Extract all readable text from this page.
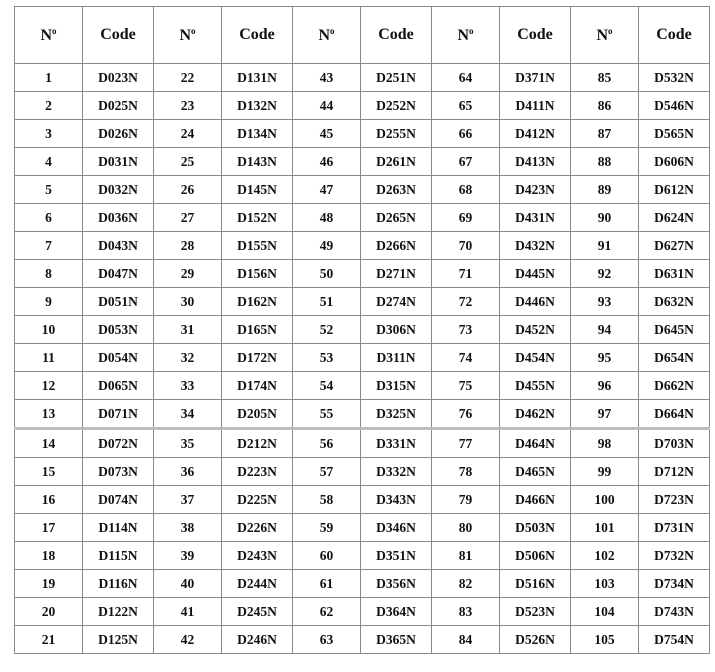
$N^o$	Code	$N^o$	Code	$N^o$	Code	$N^o$	Code	$N^o$	Code
1	D023N	22	D131N	43	D251N	64	D371N	85	D532N
2	D025N	23	D132N	44	D252N	65	D411N	86	D546N
3	D026N	24	D134N	45	D255N	66	D412N	87	D565N
4	D031N	25	D143N	46	D261N	67	D413N	88	D606N
5	D032N	26	D145N	47	D263N	68	D423N	89	D612N
6	D036N	27	D152N	48	D265N	69	D431N	90	D624N
7	D043N	28	D155N	49	D266N	70	D432N	91	D627N
8	D047N	29	D156N	50	D271N	71	D445N	92	D631N
9	D051N	30	D162N	51	D274N	72	D446N	93	D632N
10	D053N	31	D165N	52	D306N	73	D452N	94	D645N
11	D054N	32	D172N	53	D311N	74	D454N	95	D654N
12	D065N	33	D174N	54	D315N	75	D455N	96	D662N
13	D071N	34	D205N	55	D325N	76	D462N	97	D664N
14	D072N	35	D212N	56	D331N	77	D464N	98	D703N
15	D073N	36	D223N	57	D332N	78	D465N	99	D712N
16	D074N	37	D225N	58	D343N	79	D466N	100	D723N
17	D114N	38	D226N	59	D346N	80	D503N	101	D731N
18	D115N	39	D243N	60	D351N	81	D506N	102	D732N
19	D116N	40	D244N	61	D356N	82	D516N	103	D734N
20	D122N	41	D245N	62	D364N	83	D523N	104	D743N
21	D125N	42	D246N	63	D365N	84	D526N	105	D754N
